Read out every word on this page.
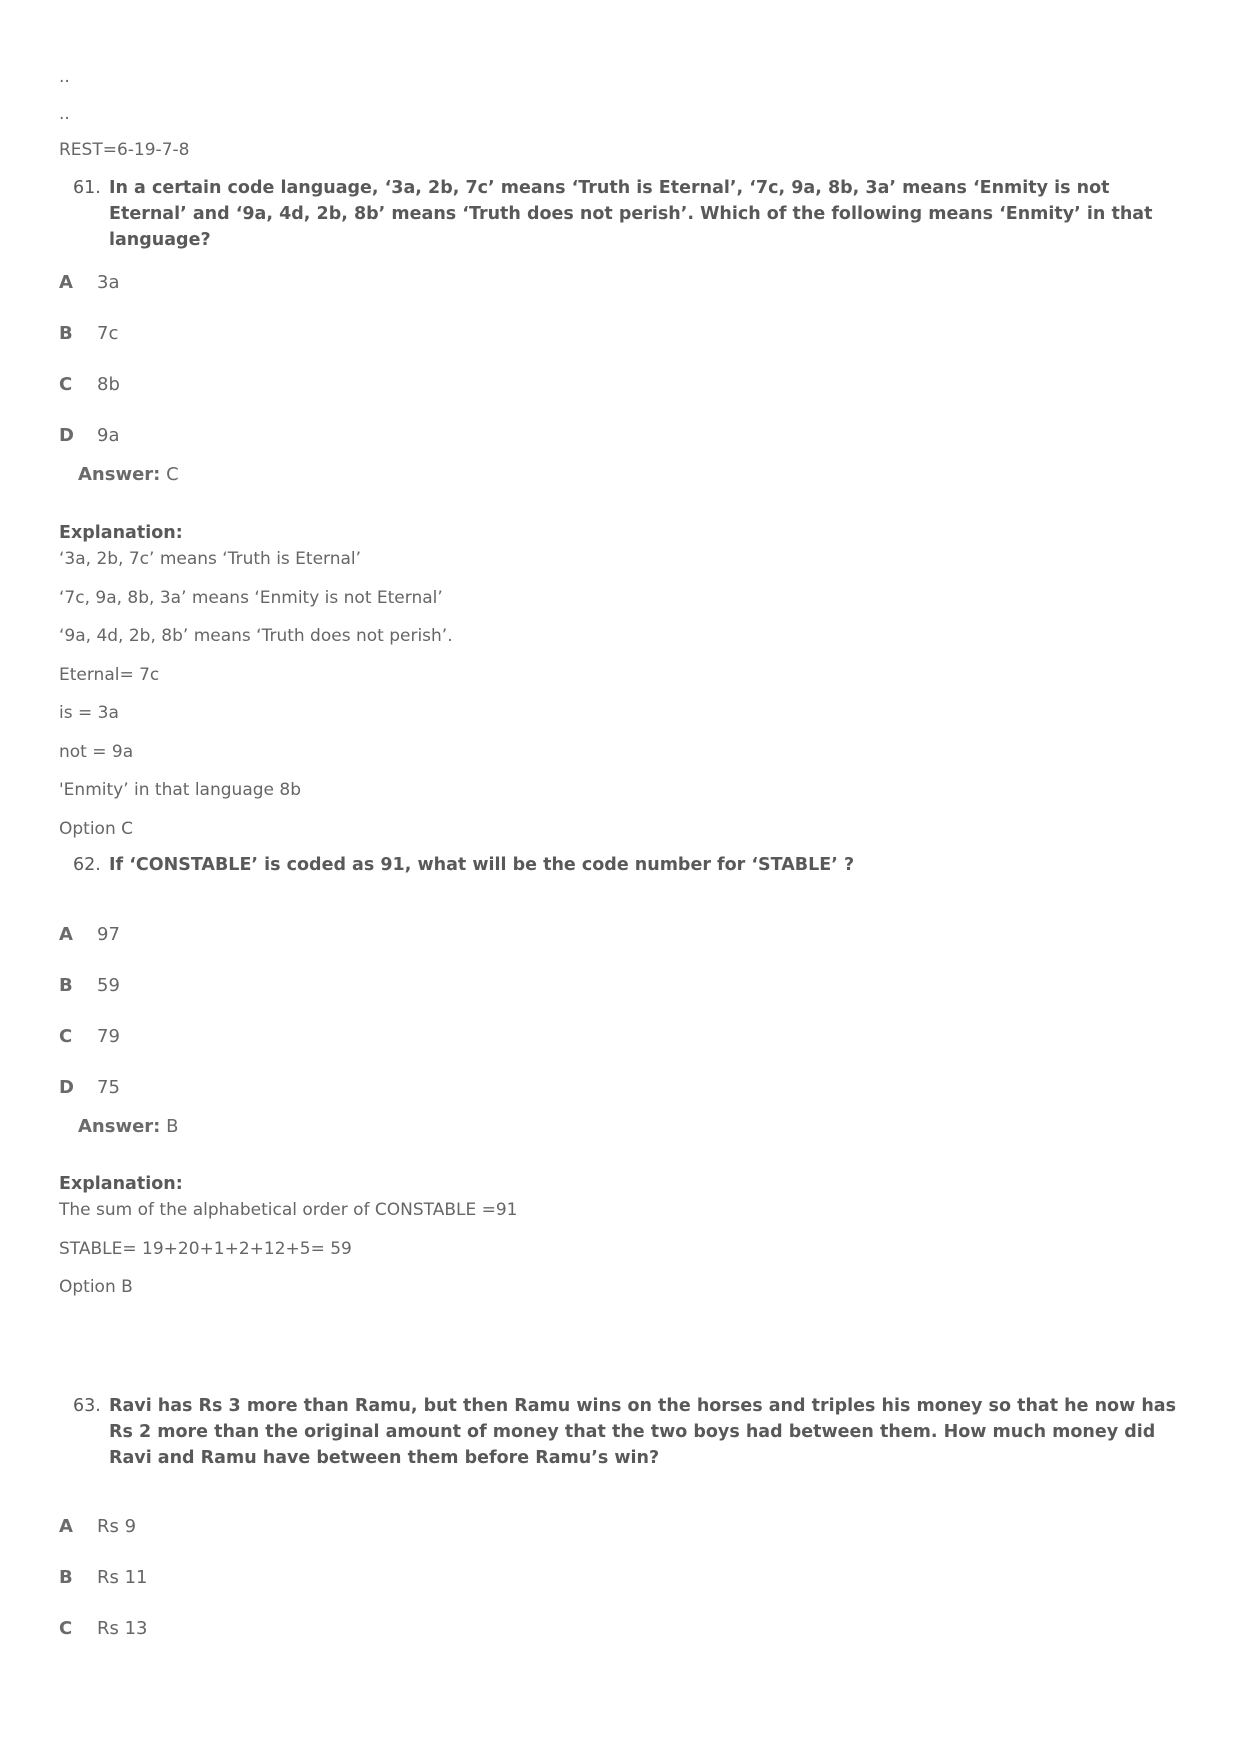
..
..
REST=6-19-7-8
61. In a certain code language, ‘3a, 2b, 7c’ means ‘Truth is Eternal’, ‘7c, 9a, 8b, 3a’ means ‘Enmity is not Eternal’ and ‘9a, 4d, 2b, 8b’ means ‘Truth does not perish’. Which of the following means ‘Enmity’ in that language?
A 3a
B 7c
C 8b
D 9a
Answer: C
Explanation:
‘3a, 2b, 7c’ means ‘Truth is Eternal’
‘7c, 9a, 8b, 3a’ means ‘Enmity is not Eternal’
‘9a, 4d, 2b, 8b’ means ‘Truth does not perish’.
Eternal= 7c
is = 3a
not = 9a
'Enmity’ in that language 8b
Option C
62. If ‘CONSTABLE’ is coded as 91, what will be the code number for ‘STABLE’ ?
A 97
B 59
C 79
D 75
Answer: B
Explanation:
The sum of the alphabetical order of CONSTABLE =91
STABLE= 19+20+1+2+12+5= 59
Option B
63. Ravi has Rs 3 more than Ramu, but then Ramu wins on the horses and triples his money so that he now has Rs 2 more than the original amount of money that the two boys had between them. How much money did Ravi and Ramu have between them before Ramu’s win?
A Rs 9
B Rs 11
C Rs 13
